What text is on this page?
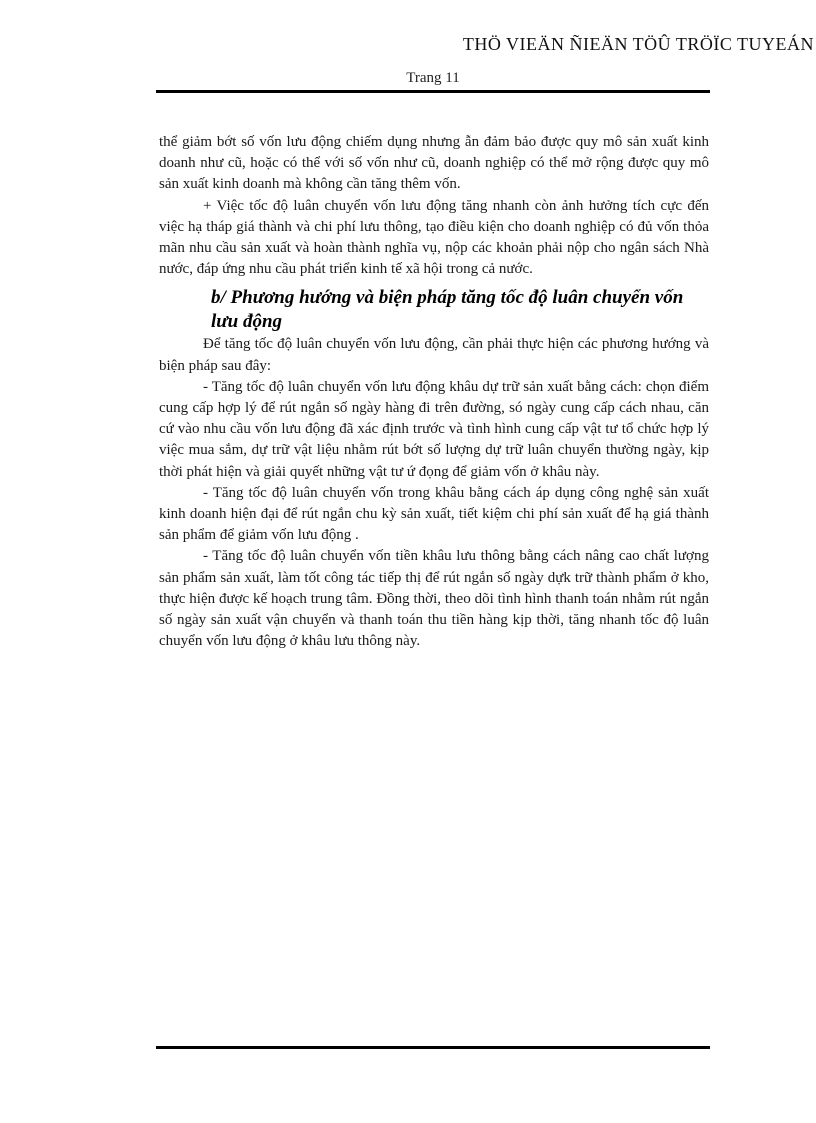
THÖ VIEÄN ÑIEÄN TÖÛ TRÖÏC TUYEÁN
Trang 11

thể giảm bớt số vốn lưu động chiếm dụng nhưng ẫn đảm bảo được quy mô sản xuất kinh doanh như cũ, hoặc có thể với số vốn như cũ, doanh nghiệp có thể mở rộng được quy mô sản xuất kinh doanh mà không cần tăng thêm vốn.

+ Việc tốc độ luân chuyển vốn lưu động tăng nhanh còn ảnh hưởng tích cực đến việc hạ tháp giá thành và chi phí lưu thông, tạo điều kiện cho doanh nghiệp có đủ vốn thỏa mãn nhu cầu sản xuất và hoàn thành nghĩa vụ, nộp các khoản phải nộp cho ngân sách Nhà nước, đáp ứng nhu cầu phát triển kinh tế xã hội trong cả nước.

b/ Phương hướng và biện pháp tăng tốc độ luân chuyển vốn lưu động

Để tăng tốc độ luân chuyển vốn lưu động, cần phải thực hiện các phương hướng và biện pháp sau đây:

- Tăng tốc độ luân chuyển vốn lưu động khâu dự trữ sản xuất bằng cách: chọn điểm cung cấp hợp lý để rút ngắn số ngày hàng đi trên đường, só ngày cung cấp cách nhau, căn cứ vào nhu cầu vốn lưu động đã xác định trước và tình hình cung cấp vật tư tổ chức hợp lý việc mua sắm, dự trữ vật liệu nhằm rút bớt số lượng dự trữ luân chuyển thường ngày, kịp thời phát hiện và giải quyết những vật tư ứ đọng để giảm vốn ở khâu này.

- Tăng tốc độ luân chuyển vốn trong khâu bằng cách áp dụng công nghệ sản xuất kinh doanh hiện đại để rút ngắn chu kỳ sản xuất, tiết kiệm chi phí sản xuất để hạ giá thành sản phẩm để giảm vốn lưu động .

- Tăng tốc độ luân chuyển vốn tiền khâu lưu thông bằng cách nâng cao chất lượng sản phẩm sản xuất, làm tốt công tác tiếp thị để rút ngắn số ngày dựk trữ thành phẩm ở kho, thực hiện được kế hoạch trung tâm. Đồng thời, theo dõi tình hình thanh toán nhằm rút ngắn số ngày sản xuất vận chuyển và thanh toán thu tiền hàng kịp thời, tăng nhanh tốc độ luân chuyển vốn lưu động ở khâu lưu thông này.
